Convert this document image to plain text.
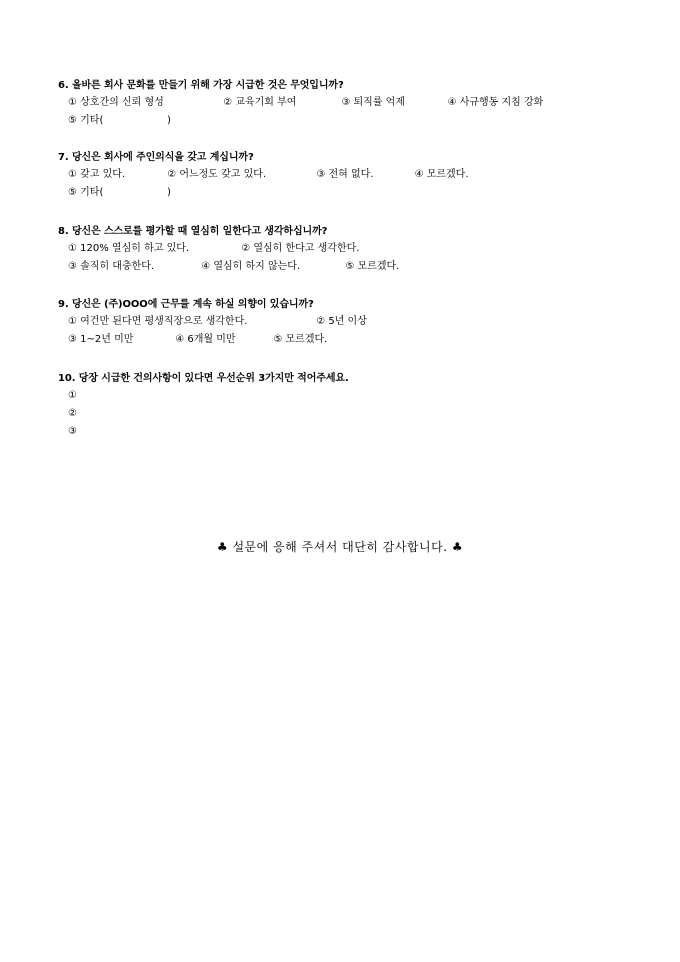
6. 올바른 회사 문화를 만들기 위해 가장 시급한 것은 무엇입니까?
① 상호간의 신뢰 형성	② 교육기회 부여	③ 퇴직률 억제	④ 사규행동 지침 강화
⑤ 기타(                    )
7. 당신은 회사에 주인의식을 갖고 계십니까?
① 갖고 있다.	② 어느정도 갖고 있다.	③ 전혀 없다.	④ 모르겠다.
⑤ 기타(                    )
8. 당신은 스스로를 평가할 때 열심히 일한다고 생각하십니까?
① 120% 열심히 하고 있다.	② 열심히 한다고 생각한다.
③ 솔직히 대충한다.	④ 열심히 하지 않는다.	⑤ 모르겠다.
9. 당신은 (주)OOO에 근무를 계속 하실 의향이 있습니까?
① 여건만 된다면 평생직장으로 생각한다.	② 5년 이상
③ 1~2년 미만	④ 6개월 미만	⑤ 모르겠다.
10. 당장 시급한 건의사항이 있다면 우선순위 3가지만 적어주세요.
①
②
③
♣ 설문에 응해 주셔서 대단히 감사합니다. ♣
